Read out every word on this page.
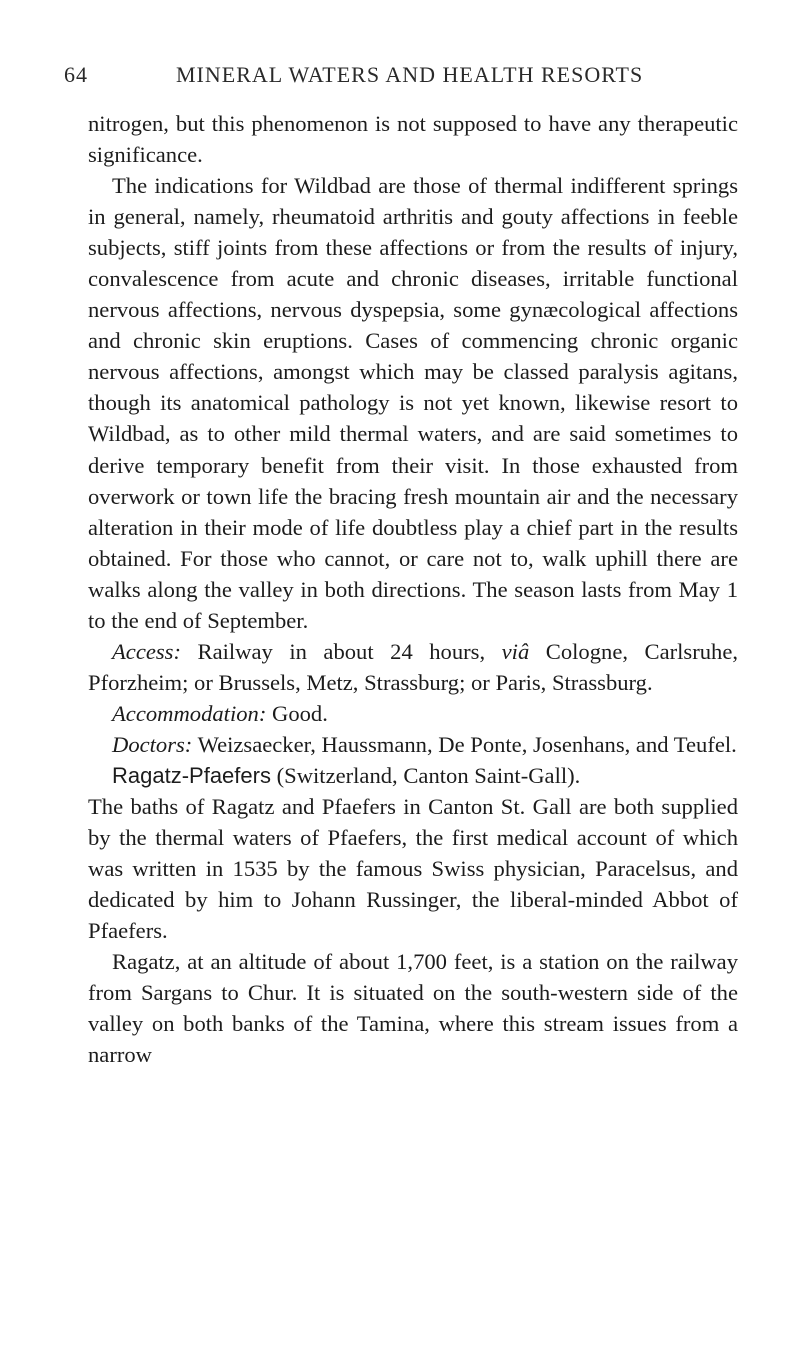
64	MINERAL WATERS AND HEALTH RESORTS

nitrogen, but this phenomenon is not supposed to have any therapeutic significance.

The indications for Wildbad are those of thermal indifferent springs in general, namely, rheumatoid arthritis and gouty affections in feeble subjects, stiff joints from these affections or from the results of injury, convalescence from acute and chronic diseases, irritable functional nervous affections, nervous dyspepsia, some gynæcological affections and chronic skin eruptions. Cases of commencing chronic organic nervous affections, amongst which may be classed paralysis agitans, though its anatomical pathology is not yet known, likewise resort to Wildbad, as to other mild thermal waters, and are said sometimes to derive temporary benefit from their visit. In those exhausted from overwork or town life the bracing fresh mountain air and the necessary alteration in their mode of life doubtless play a chief part in the results obtained. For those who cannot, or care not to, walk uphill there are walks along the valley in both directions. The season lasts from May 1 to the end of September.

Access: Railway in about 24 hours, viâ Cologne, Carlsruhe, Pforzheim; or Brussels, Metz, Strassburg; or Paris, Strassburg.

Accommodation: Good.

Doctors: Weizsaecker, Haussmann, De Ponte, Josenhans, and Teufel.

Ragatz-Pfaefers (Switzerland, Canton Saint-Gall).

The baths of Ragatz and Pfaefers in Canton St. Gall are both supplied by the thermal waters of Pfaefers, the first medical account of which was written in 1535 by the famous Swiss physician, Paracelsus, and dedicated by him to Johann Russinger, the liberal-minded Abbot of Pfaefers.

Ragatz, at an altitude of about 1,700 feet, is a station on the railway from Sargans to Chur. It is situated on the south-western side of the valley on both banks of the Tamina, where this stream issues from a narrow
